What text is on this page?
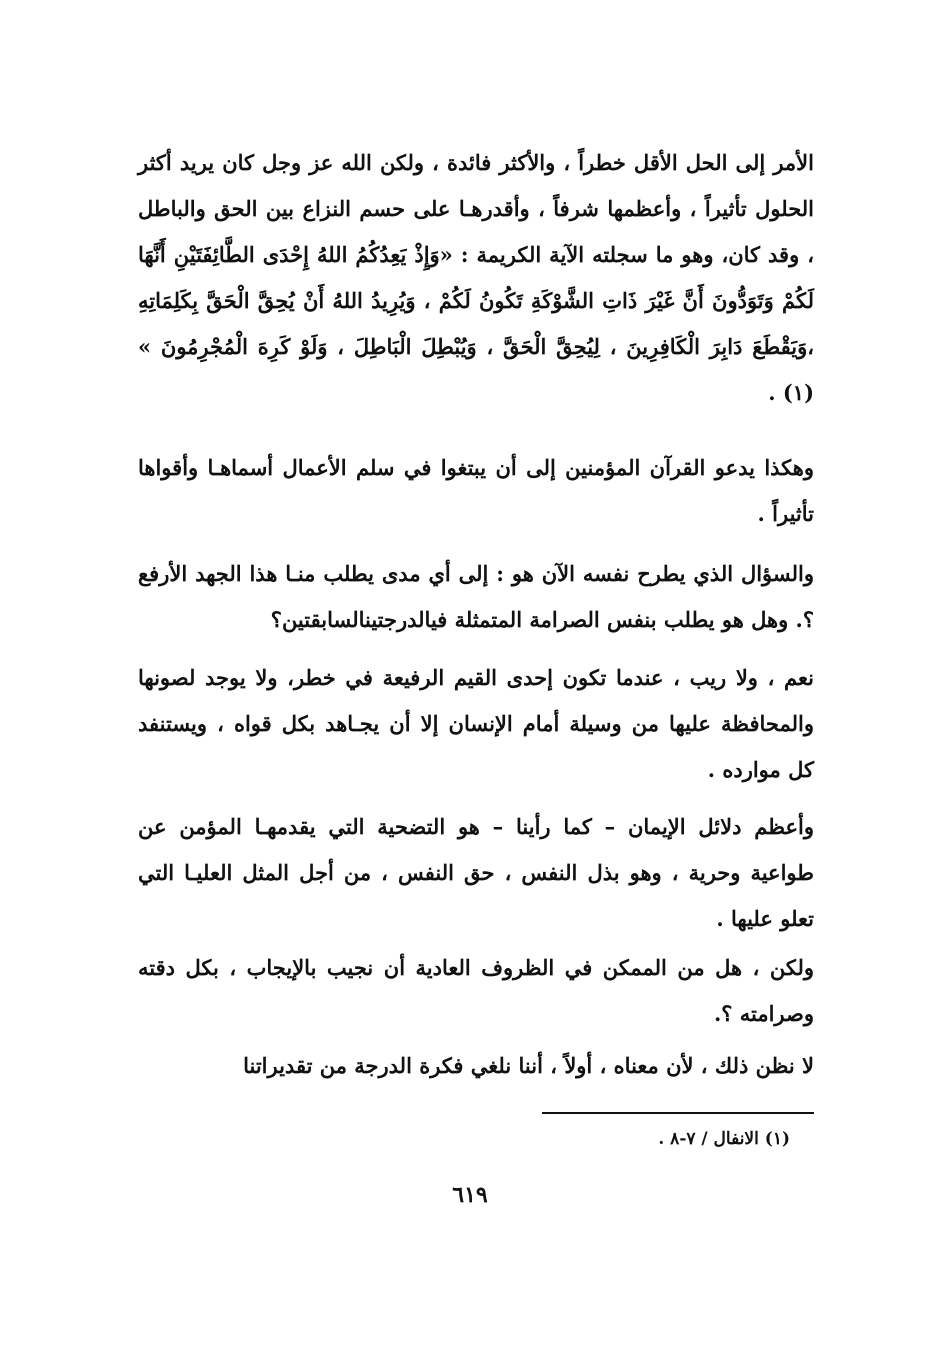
الأمر إلى الحل الأقل خطراً ، والأكثر فائدة ، ولكن الله عز وجل كان يريد أكثر الحلول تأثيراً ، وأعظمها شرفاً ، وأقدرهـا على حسم النزاع بين الحق والباطل ، وقد كان، وهو ما سجلته الآية الكريمة : «وَإِذْ يَعِدُكُمُ اللهُ إِحْدَى الطَّائِفَتَيْنِ أَنَّهَا لَكُمْ وَتَوَدُّونَ أَنَّ غَيْرَ ذَاتِ الشَّوْكَةِ تَكُونُ لَكُمْ ، وَيُرِيدُ اللهُ أَنْ يُحِقَّ الْحَقَّ بِكَلِمَاتِهِ ،وَيَقْطَعَ دَابِرَ الْكَافِرِينَ ، لِيُحِقَّ الْحَقَّ ، وَيُبْطِلَ الْبَاطِلَ ، وَلَوْ كَرِهَ الْمُجْرِمُونَ » (١) .
وهكذا يدعو القرآن المؤمنين إلى أن يبتغوا في سلم الأعمال أسماهـا وأقواها تأثيراً .
والسؤال الذي يطرح نفسه الآن هو : إلى أي مدى يطلب منـا هذا الجهد الأرفع ؟. وهل هو يطلب بنفس الصرامة المتمثلة فيالدرجتينالسابقتين؟
نعم ، ولا ريب ، عندما تكون إحدى القيم الرفيعة في خطر، ولا يوجد لصونها والمحافظة عليها من وسيلة أمام الإنسان إلا أن يجـاهد بكل قواه ، ويستنفد كل موارده .
وأعظم دلائل الإيمان – كما رأينا – هو التضحية التي يقدمهـا المؤمن عن طواعية وحرية ، وهو بذل النفس ، حق النفس ، من أجل المثل العليـا التي تعلو عليها .
ولكن ، هل من الممكن في الظروف العادية أن نجيب بالإيجاب ، بكل دقته وصرامته ؟.
لا نظن ذلك ، لأن معناه ، أولاً ، أننا نلغي فكرة الدرجة من تقديراتنا
(١) الانفال / ٧-٨ .
٦١٩
